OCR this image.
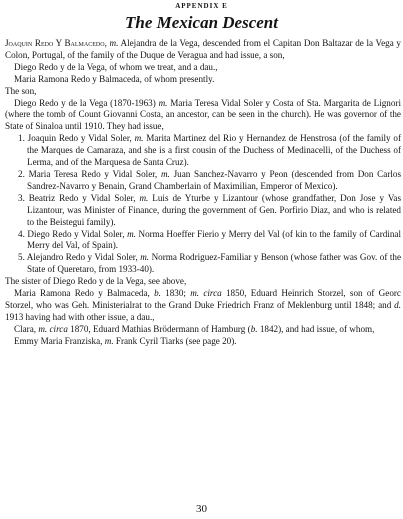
APPENDIX E
The Mexican Descent

Joaquin Redo Y Balmacedo, m. Alejandra de la Vega, descended from el Capitan Don Baltazar de la Vega y Colon, Portugal, of the family of the Duque de Veragua and had issue, a son,

Diego Redo y de la Vega, of whom we treat, and a dau.,

Maria Ramona Redo y Balmaceda, of whom presently.

The son,

Diego Redo y de la Vega (1870-1963) m. Maria Teresa Vidal Soler y Costa of Sta. Margarita de Lignori (where the tomb of Count Giovanni Costa, an ancestor, can be seen in the church). He was governor of the State of Sinaloa until 1910. They had issue,

1. Joaquin Redo y Vidal Soler, m. Marita Martinez del Rio y Hernandez de Henstrosa (of the family of the Marques de Camaraza, and she is a first cousin of the Duchess of Medinacelli, of the Duchess of Lerma, and of the Marquesa de Santa Cruz).

2. Maria Teresa Redo y Vidal Soler, m. Juan Sanchez-Navarro y Peon (descended from Don Carlos Sandrez-Navarro y Benain, Grand Chamberlain of Maximilian, Emperor of Mexico).

3. Beatriz Redo y Vidal Soler, m. Luis de Yturbe y Lizantour (whose grandfather, Don Jose y Vas Lizantour, was Minister of Finance, during the government of Gen. Porfirio Diaz, and who is related to the Beistegui family).

4. Diego Redo y Vidal Soler, m. Norma Hoeffer Fierio y Merry del Val (of kin to the family of Cardinal Merry del Val, of Spain).

5. Alejandro Redo y Vidal Soler, m. Norma Rodriguez-Familiar y Benson (whose father was Gov. of the State of Queretaro, from 1933-40).

The sister of Diego Redo y de la Vega, see above,

Maria Ramona Redo y Balmaceda, b. 1830; m. circa 1850, Eduard Heinrich Storzel, son of Georc Storzel, who was Geh. Ministerialrat to the Grand Duke Friedrich Franz of Meklenburg until 1848; and d. 1913 having had with other issue, a dau.,

Clara, m. circa 1870, Eduard Mathias Brödermann of Hamburg (b. 1842), and had issue, of whom,

Emmy Maria Franziska, m. Frank Cyril Tiarks (see page 20).

30
